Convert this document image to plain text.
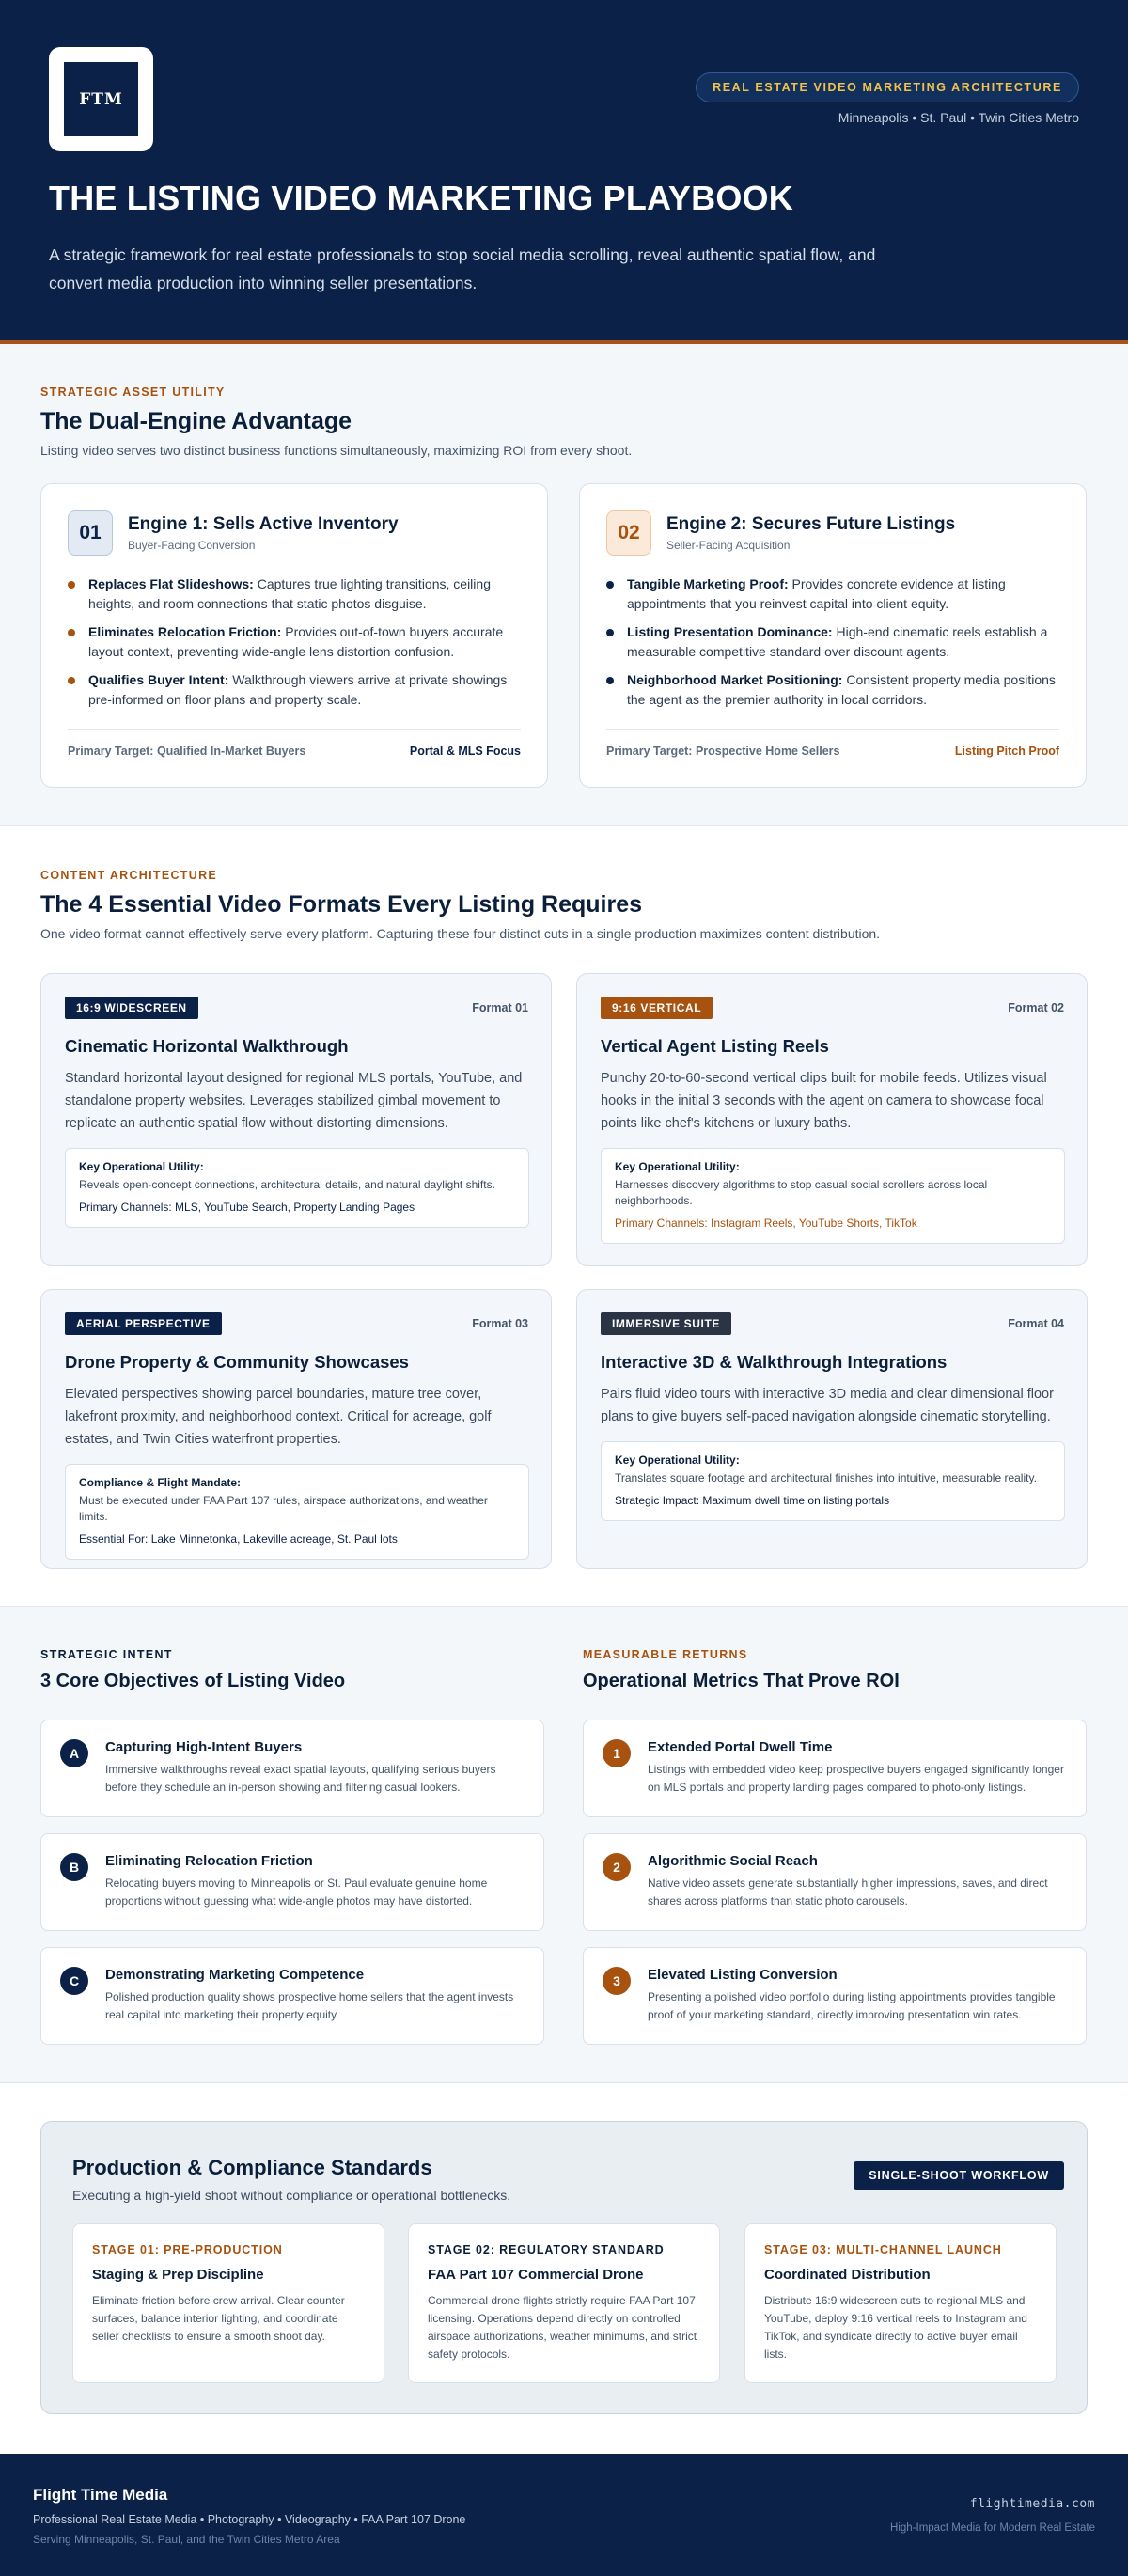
FTM
REAL ESTATE VIDEO MARKETING ARCHITECTURE
Minneapolis • St. Paul • Twin Cities Metro
THE LISTING VIDEO MARKETING PLAYBOOK

A strategic framework for real estate professionals to stop social media scrolling, reveal authentic spatial flow, and convert media production into winning seller presentations.

STRATEGIC ASSET UTILITY
The Dual-Engine Advantage

Listing video serves two distinct business functions simultaneously, maximizing ROI from every shoot.

01	Engine 1: Sells Active Inventory
Buyer-Facing Conversion
Replaces Flat Slideshows: Captures true lighting transitions, ceiling heights, and room connections that static photos disguise.
Eliminates Relocation Friction: Provides out-of-town buyers accurate layout context, preventing wide-angle lens distortion confusion.
Qualifies Buyer Intent: Walkthrough viewers arrive at private showings pre-informed on floor plans and property scale.
Primary Target: Qualified In-Market Buyers	Portal & MLS Focus
02	Engine 2: Secures Future Listings
Seller-Facing Acquisition
Tangible Marketing Proof: Provides concrete evidence at listing appointments that you reinvest capital into client equity.
Listing Presentation Dominance: High-end cinematic reels establish a measurable competitive standard over discount agents.
Neighborhood Market Positioning: Consistent property media positions the agent as the premier authority in local corridors.
Primary Target: Prospective Home Sellers	Listing Pitch Proof
CONTENT ARCHITECTURE
The 4 Essential Video Formats Every Listing Requires

One video format cannot effectively serve every platform. Capturing these four distinct cuts in a single production maximizes content distribution.

16:9 WIDESCREEN	Format 01
Cinematic Horizontal Walkthrough
Standard horizontal layout designed for regional MLS portals, YouTube, and standalone property websites. Leverages stabilized gimbal movement to replicate an authentic spatial flow without distorting dimensions.
Key Operational Utility:
Reveals open-concept connections, architectural details, and natural daylight shifts.
Primary Channels: MLS, YouTube Search, Property Landing Pages
9:16 VERTICAL	Format 02
Vertical Agent Listing Reels
Punchy 20-to-60-second vertical clips built for mobile feeds. Utilizes visual hooks in the initial 3 seconds with the agent on camera to showcase focal points like chef's kitchens or luxury baths.
Key Operational Utility:
Harnesses discovery algorithms to stop casual social scrollers across local neighborhoods.
Primary Channels: Instagram Reels, YouTube Shorts, TikTok
AERIAL PERSPECTIVE	Format 03
Drone Property & Community Showcases
Elevated perspectives showing parcel boundaries, mature tree cover, lakefront proximity, and neighborhood context. Critical for acreage, golf estates, and Twin Cities waterfront properties.
Compliance & Flight Mandate:
Must be executed under FAA Part 107 rules, airspace authorizations, and weather limits.
Essential For: Lake Minnetonka, Lakeville acreage, St. Paul lots
IMMERSIVE SUITE	Format 04
Interactive 3D & Walkthrough Integrations
Pairs fluid video tours with interactive 3D media and clear dimensional floor plans to give buyers self-paced navigation alongside cinematic storytelling.
Key Operational Utility:
Translates square footage and architectural finishes into intuitive, measurable reality.
Strategic Impact: Maximum dwell time on listing portals
STRATEGIC INTENT
3 Core Objectives of Listing Video
MEASURABLE RETURNS
Operational Metrics That Prove ROI
A	Capturing High-Intent Buyers
Immersive walkthroughs reveal exact spatial layouts, qualifying serious buyers before they schedule an in-person showing and filtering casual lookers.
B	Eliminating Relocation Friction
Relocating buyers moving to Minneapolis or St. Paul evaluate genuine home proportions without guessing what wide-angle photos may have distorted.
C	Demonstrating Marketing Competence
Polished production quality shows prospective home sellers that the agent invests real capital into marketing their property equity.
1	Extended Portal Dwell Time
Listings with embedded video keep prospective buyers engaged significantly longer on MLS portals and property landing pages compared to photo-only listings.
2	Algorithmic Social Reach
Native video assets generate substantially higher impressions, saves, and direct shares across platforms than static photo carousels.
3	Elevated Listing Conversion
Presenting a polished video portfolio during listing appointments provides tangible proof of your marketing standard, directly improving presentation win rates.
Production & Compliance Standards

Executing a high-yield shoot without compliance or operational bottlenecks.

SINGLE-SHOOT WORKFLOW
STAGE 01: PRE-PRODUCTION
Staging & Prep Discipline
Eliminate friction before crew arrival. Clear counter surfaces, balance interior lighting, and coordinate seller checklists to ensure a smooth shoot day.
STAGE 02: REGULATORY STANDARD
FAA Part 107 Commercial Drone
Commercial drone flights strictly require FAA Part 107 licensing. Operations depend directly on controlled airspace authorizations, weather minimums, and strict safety protocols.
STAGE 03: MULTI-CHANNEL LAUNCH
Coordinated Distribution
Distribute 16:9 widescreen cuts to regional MLS and YouTube, deploy 9:16 vertical reels to Instagram and TikTok, and syndicate directly to active buyer email lists.
Flight Time Media
Professional Real Estate Media • Photography • Videography • FAA Part 107 Drone
Serving Minneapolis, St. Paul, and the Twin Cities Metro Area
flightimedia.com
High-Impact Media for Modern Real Estate
